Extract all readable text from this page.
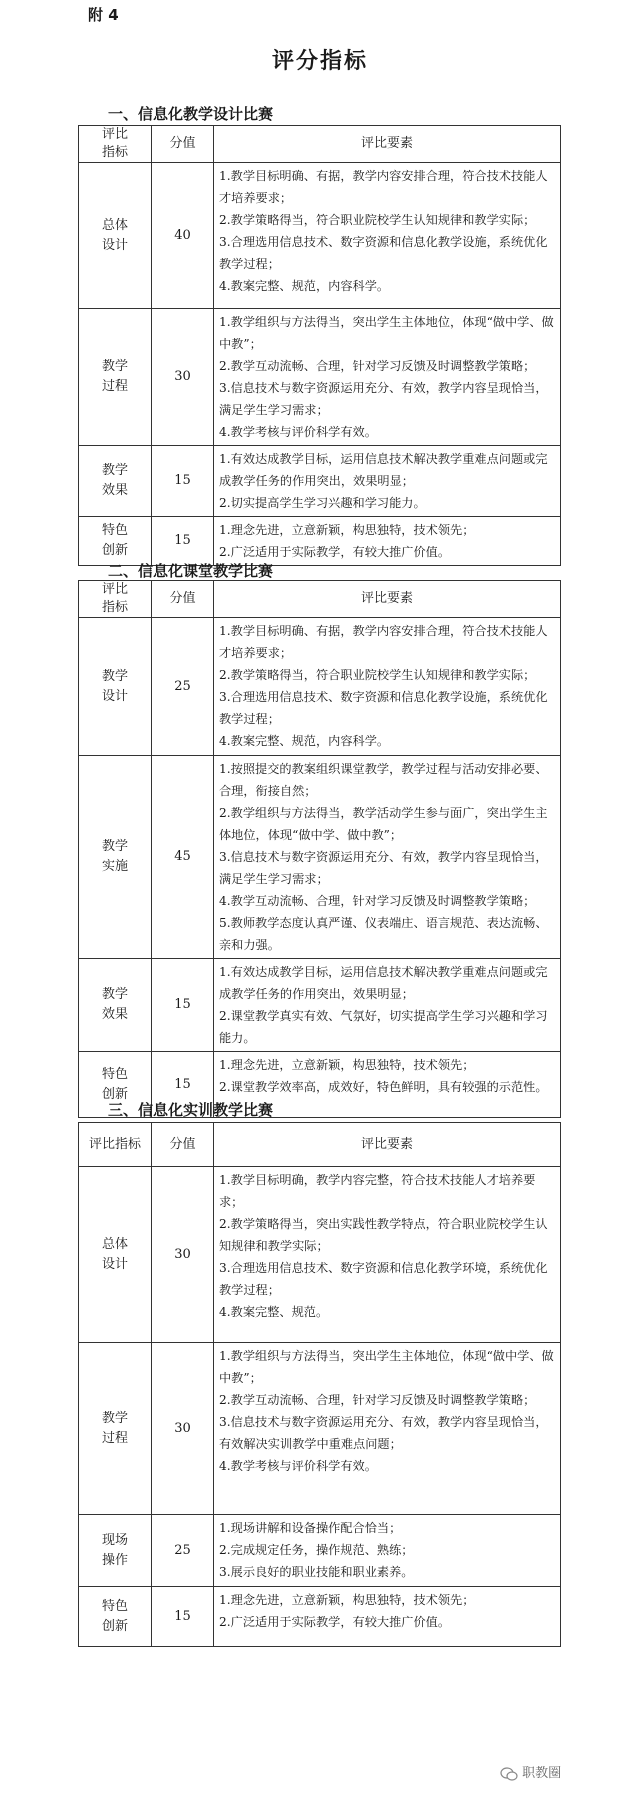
附 4
评分指标
一、信息化教学设计比赛
评比
指标	分值	评比要素
总体
设计	40	1.教学目标明确、有据，教学内容安排合理，符合技术技能人才培养要求；
2.教学策略得当，符合职业院校学生认知规律和教学实际；
3.合理选用信息技术、数字资源和信息化教学设施，系统优化教学过程；
4.教案完整、规范，内容科学。

教学
过程	30	1.教学组织与方法得当，突出学生主体地位，体现“做中学、做中教”；
2.教学互动流畅、合理，针对学习反馈及时调整教学策略；
3.信息技术与数字资源运用充分、有效，教学内容呈现恰当，满足学生学习需求；
4.教学考核与评价科学有效。

教学
效果	15	1.有效达成教学目标，运用信息技术解决教学重难点问题或完成教学任务的作用突出，效果明显；
2.切实提高学生学习兴趣和学习能力。

特色
创新	15	1.理念先进，立意新颖，构思独特，技术领先；
2.广泛适用于实际教学，有较大推广价值。
二、信息化课堂教学比赛
评比
指标	分值	评比要素
教学
设计	25	1.教学目标明确、有据，教学内容安排合理，符合技术技能人才培养要求；
2.教学策略得当，符合职业院校学生认知规律和教学实际；
3.合理选用信息技术、数字资源和信息化教学设施，系统优化教学过程；
4.教案完整、规范，内容科学。

教学
实施	45	1.按照提交的教案组织课堂教学，教学过程与活动安排必要、合理，衔接自然；
2.教学组织与方法得当，教学活动学生参与面广，突出学生主体地位，体现“做中学、做中教”；
3.信息技术与数字资源运用充分、有效，教学内容呈现恰当，满足学生学习需求；
4.教学互动流畅、合理，针对学习反馈及时调整教学策略；
5.教师教学态度认真严谨、仪表端庄、语言规范、表达流畅、亲和力强。

教学
效果	15	1.有效达成教学目标，运用信息技术解决教学重难点问题或完成教学任务的作用突出，效果明显；
2.课堂教学真实有效、气氛好，切实提高学生学习兴趣和学习能力。

特色
创新	15	1.理念先进，立意新颖，构思独特，技术领先；
2.课堂教学效率高，成效好，特色鲜明，具有较强的示范性。
三、信息化实训教学比赛
评比指标	分值	评比要素
总体
设计	30	1.教学目标明确，教学内容完整，符合技术技能人才培养要求；
2.教学策略得当，突出实践性教学特点，符合职业院校学生认知规律和教学实际；
3.合理选用信息技术、数字资源和信息化教学环境，系统优化教学过程；
4.教案完整、规范。

教学
过程	30	1.教学组织与方法得当，突出学生主体地位，体现“做中学、做中教”；
2.教学互动流畅、合理，针对学习反馈及时调整教学策略；
3.信息技术与数字资源运用充分、有效，教学内容呈现恰当，有效解决实训教学中重难点问题；
4.教学考核与评价科学有效。

现场
操作	25	1.现场讲解和设备操作配合恰当；
2.完成规定任务，操作规范、熟练；
3.展示良好的职业技能和职业素养。

特色
创新	15	1.理念先进，立意新颖，构思独特，技术领先；
2.广泛适用于实际教学，有较大推广价值。
职教圈
